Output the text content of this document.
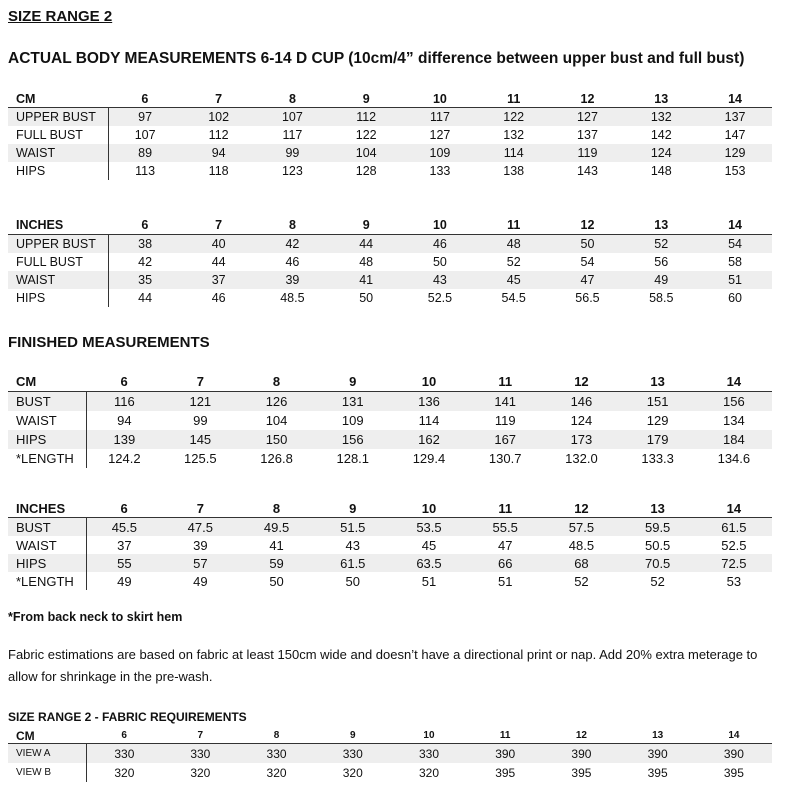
SIZE RANGE 2
ACTUAL BODY MEASUREMENTS 6-14 D CUP (10cm/4” difference between upper bust and full bust)
CM	6	7	8	9	10	11	12	13	14
UPPER BUST	97	102	107	112	117	122	127	132	137
FULL BUST	107	112	117	122	127	132	137	142	147
WAIST	89	94	99	104	109	114	119	124	129
HIPS	113	118	123	128	133	138	143	148	153
INCHES	6	7	8	9	10	11	12	13	14
UPPER BUST	38	40	42	44	46	48	50	52	54
FULL BUST	42	44	46	48	50	52	54	56	58
WAIST	35	37	39	41	43	45	47	49	51
HIPS	44	46	48.5	50	52.5	54.5	56.5	58.5	60
FINISHED MEASUREMENTS
CM	6	7	8	9	10	11	12	13	14
BUST	116	121	126	131	136	141	146	151	156
WAIST	94	99	104	109	114	119	124	129	134
HIPS	139	145	150	156	162	167	173	179	184
*LENGTH	124.2	125.5	126.8	128.1	129.4	130.7	132.0	133.3	134.6
INCHES	6	7	8	9	10	11	12	13	14
BUST	45.5	47.5	49.5	51.5	53.5	55.5	57.5	59.5	61.5
WAIST	37	39	41	43	45	47	48.5	50.5	52.5
HIPS	55	57	59	61.5	63.5	66	68	70.5	72.5
*LENGTH	49	49	50	50	51	51	52	52	53
*From back neck to skirt hem
Fabric estimations are based on fabric at least 150cm wide and doesn’t have a directional print or nap. Add 20% extra meterage to allow for shrinkage in the pre-wash.
SIZE RANGE 2 - FABRIC REQUIREMENTS
CM	6	7	8	9	10	11	12	13	14
VIEW A	330	330	330	330	330	390	390	390	390
VIEW B	320	320	320	320	320	395	395	395	395
